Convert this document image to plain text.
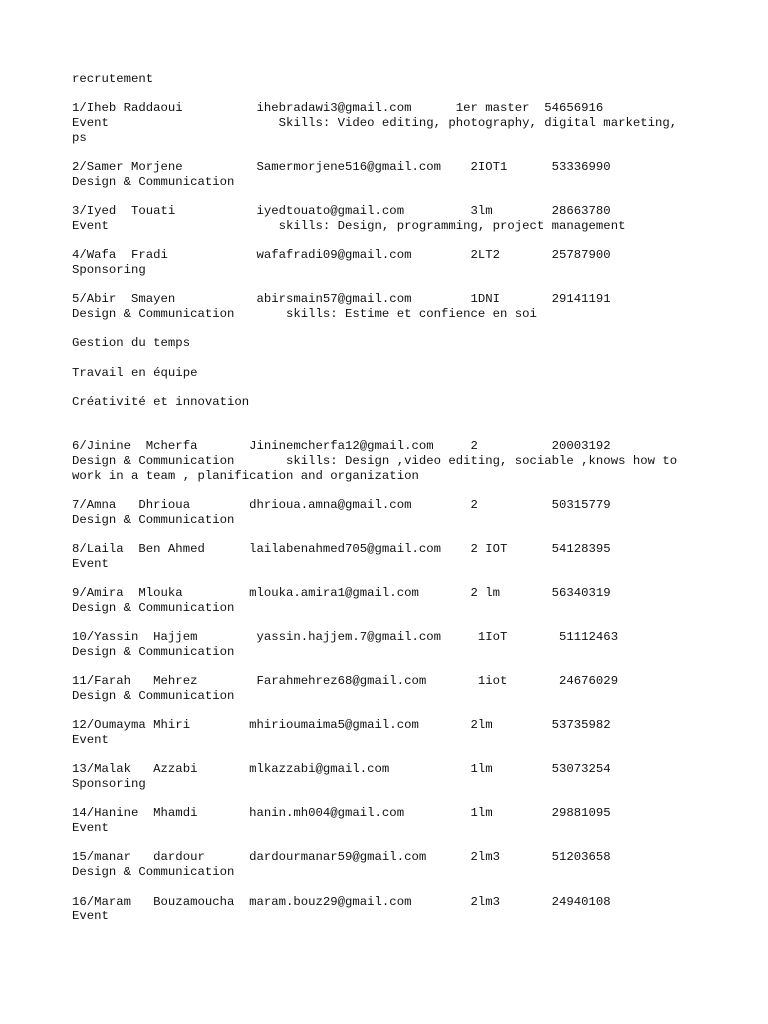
recrutement
1/Iheb Raddaoui          ihebradawi3@gmail.com      1er master  54656916
Event                       Skills: Video editing, photography, digital marketing,
ps
2/Samer Morjene          Samermorjene516@gmail.com    2IOT1      53336990
Design & Communication
3/Iyed  Touati           iyedtouato@gmail.com         3lm        28663780
Event                       skills: Design, programming, project management
4/Wafa  Fradi            wafafradi09@gmail.com        2LT2       25787900
Sponsoring
5/Abir  Smayen           abirsmain57@gmail.com        1DNI       29141191
Design & Communication       skills: Estime et confience en soi
Gestion du temps
Travail en équipe
Créativité et innovation
6/Jinine  Mcherfa       Jininemcherfa12@gmail.com     2          20003192
Design & Communication       skills: Design ,video editing, sociable ,knows how to
work in a team , planification and organization
7/Amna   Dhrioua        dhrioua.amna@gmail.com        2          50315779
Design & Communication
8/Laila  Ben Ahmed      lailabenahmed705@gmail.com    2 IOT      54128395
Event
9/Amira  Mlouka         mlouka.amira1@gmail.com       2 lm       56340319
Design & Communication
10/Yassin  Hajjem        yassin.hajjem.7@gmail.com     1IoT       51112463
Design & Communication
11/Farah   Mehrez        Farahmehrez68@gmail.com       1iot       24676029
Design & Communication
12/Oumayma Mhiri        mhirioumaima5@gmail.com       2lm        53735982
Event
13/Malak   Azzabi       mlkazzabi@gmail.com           1lm        53073254
Sponsoring
14/Hanine  Mhamdi       hanin.mh004@gmail.com         1lm        29881095
Event
15/manar   dardour      dardourmanar59@gmail.com      2lm3       51203658
Design & Communication
16/Maram   Bouzamoucha  maram.bouz29@gmail.com        2lm3       24940108
Event
